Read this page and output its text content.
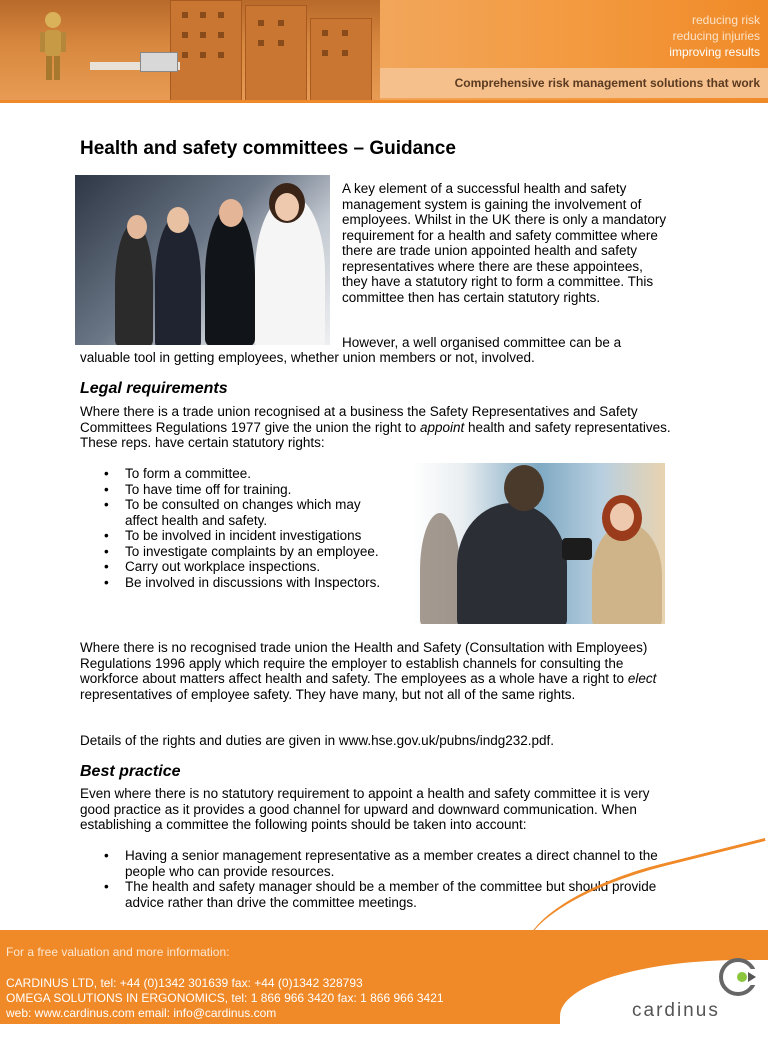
reducing risk
reducing injuries
improving results
Comprehensive risk management solutions that work
Health and safety committees – Guidance

A key element of a successful health and safety management system is gaining the involvement of employees. Whilst in the UK there is only a mandatory requirement for a health and safety committee where there are trade union appointed health and safety representatives where there are these appointees, they have a statutory right to form a committee. This committee then has certain statutory rights.

However, a well organised committee can be a

valuable tool in getting employees, whether union members or not, involved.

Legal requirements

Where there is a trade union recognised at a business the Safety Representatives and Safety Committees Regulations 1977 give the union the right to appoint health and safety representatives. These reps. have certain statutory rights:

• To form a committee.
• To have time off for training.
• To be consulted on changes which may affect health and safety.
• To be involved in incident investigations
• To investigate complaints by an employee.
• Carry out workplace inspections.
• Be involved in discussions with Inspectors.

Where there is no recognised trade union the Health and Safety (Consultation with Employees) Regulations 1996 apply which require the employer to establish channels for consulting the workforce about matters affect health and safety. The employees as a whole have a right to elect representatives of employee safety. They have many, but not all of the same rights.

Details of the rights and duties are given in www.hse.gov.uk/pubns/indg232.pdf.

Best practice

Even where there is no statutory requirement to appoint a health and safety committee it is very good practice as it provides a good channel for upward and downward communication. When establishing a committee the following points should be taken into account:

• Having a senior management representative as a member creates a direct channel to the people who can provide resources.
• The health and safety manager should be a member of the committee but should provide advice rather than drive the committee meetings.
For a free valuation and more information:
CARDINUS LTD, tel: +44 (0)1342 301639 fax: +44 (0)1342 328793
OMEGA SOLUTIONS IN ERGONOMICS, tel: 1 866 966 3420 fax: 1 866 966 3421
web: www.cardinus.com email: info@cardinus.com	cardinus
